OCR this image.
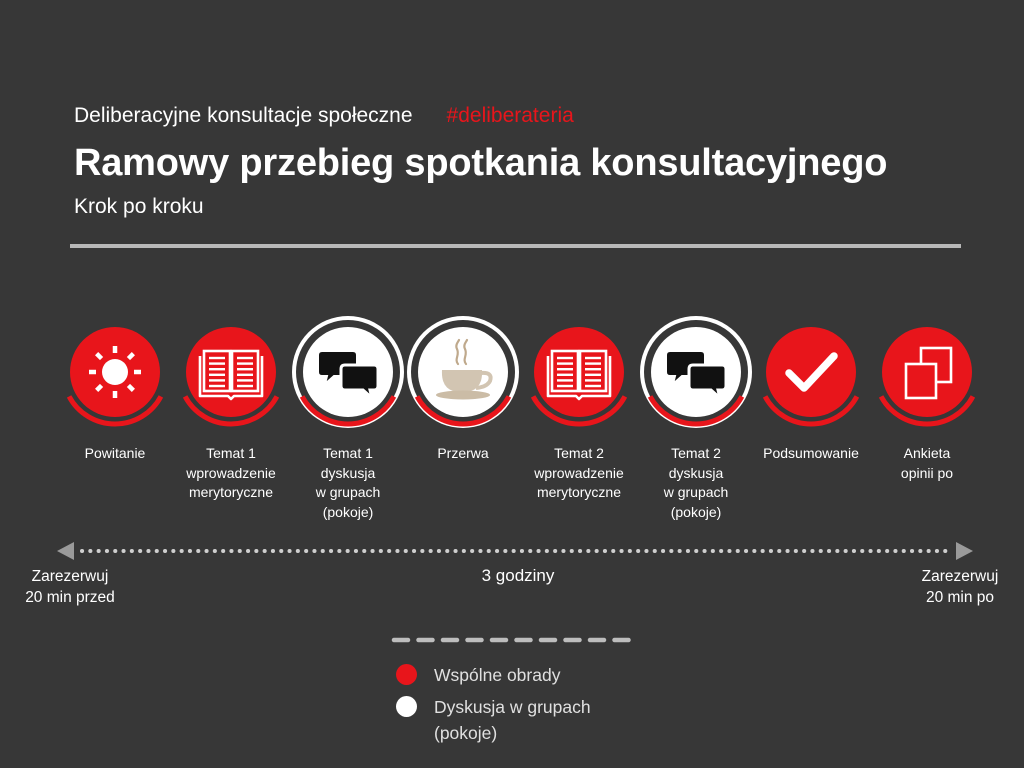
Deliberacyjne konsultacje społeczne #deliberateria
Ramowy przebieg spotkania konsultacyjnego
Krok po kroku
Powitanie	Temat 1
wprowadzenie
merytoryczne
Temat 1
dyskusja
w grupach
(pokoje)
Przerwa	Temat 2
wprowadzenie
merytoryczne
Temat 2
dyskusja
w grupach
(pokoje)
Podsumowanie	Ankieta
opinii po
Zarezerwuj
20 min przed
3 godziny	Zarezerwuj
20 min po
Wspólne obrady
Dyskusja w grupach (pokoje)
